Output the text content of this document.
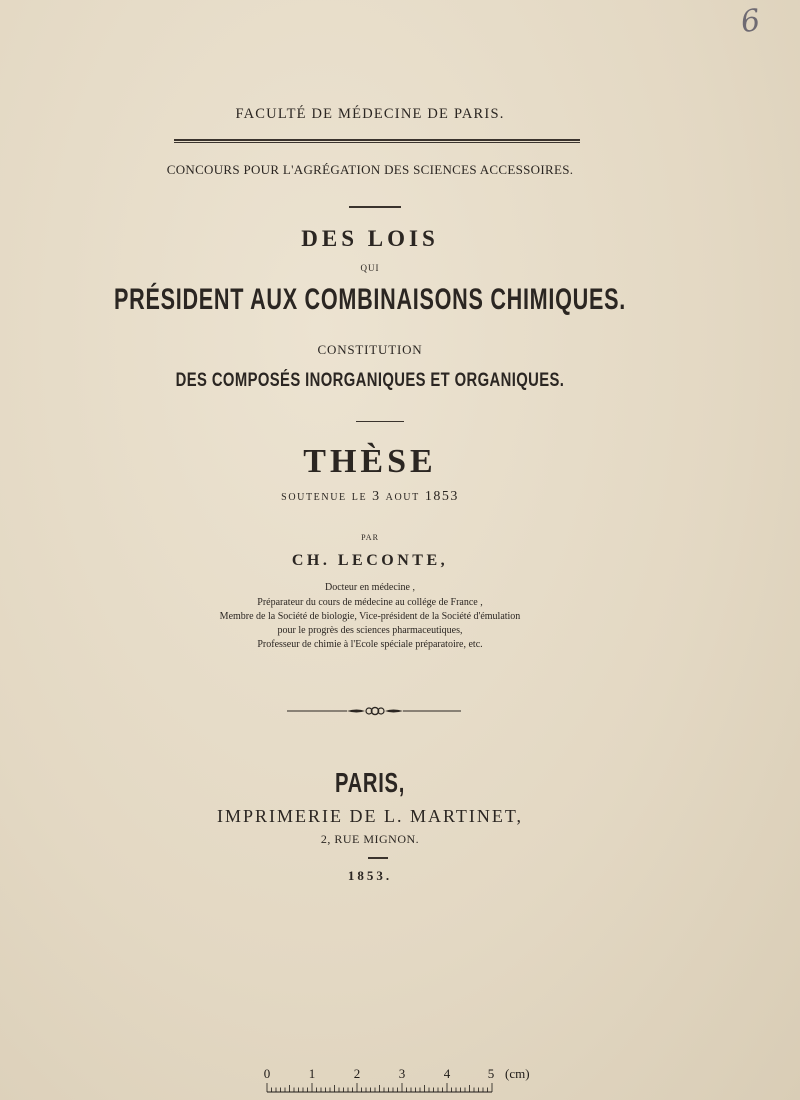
6
FACULTÉ DE MÉDECINE DE PARIS.
CONCOURS POUR L'AGRÉGATION DES SCIENCES ACCESSOIRES.
DES LOIS
QUI
PRÉSIDENT AUX COMBINAISONS CHIMIQUES.
CONSTITUTION
DES COMPOSÉS INORGANIQUES ET ORGANIQUES.
THÈSE
SOUTENUE LE 3 AOUT 1853
PAR
CH. LECONTE,
Docteur en médecine ,
Préparateur du cours de médecine au collége de France ,
Membre de la Société de biologie, Vice-président de la Société d'émulation
pour le progrès des sciences pharmaceutiques,
Professeur de chimie à l'Ecole spéciale préparatoire, etc.
PARIS,
IMPRIMERIE DE L. MARTINET,
2, RUE MIGNON.
1853.
0	1	2	3	4	5 (cm)
